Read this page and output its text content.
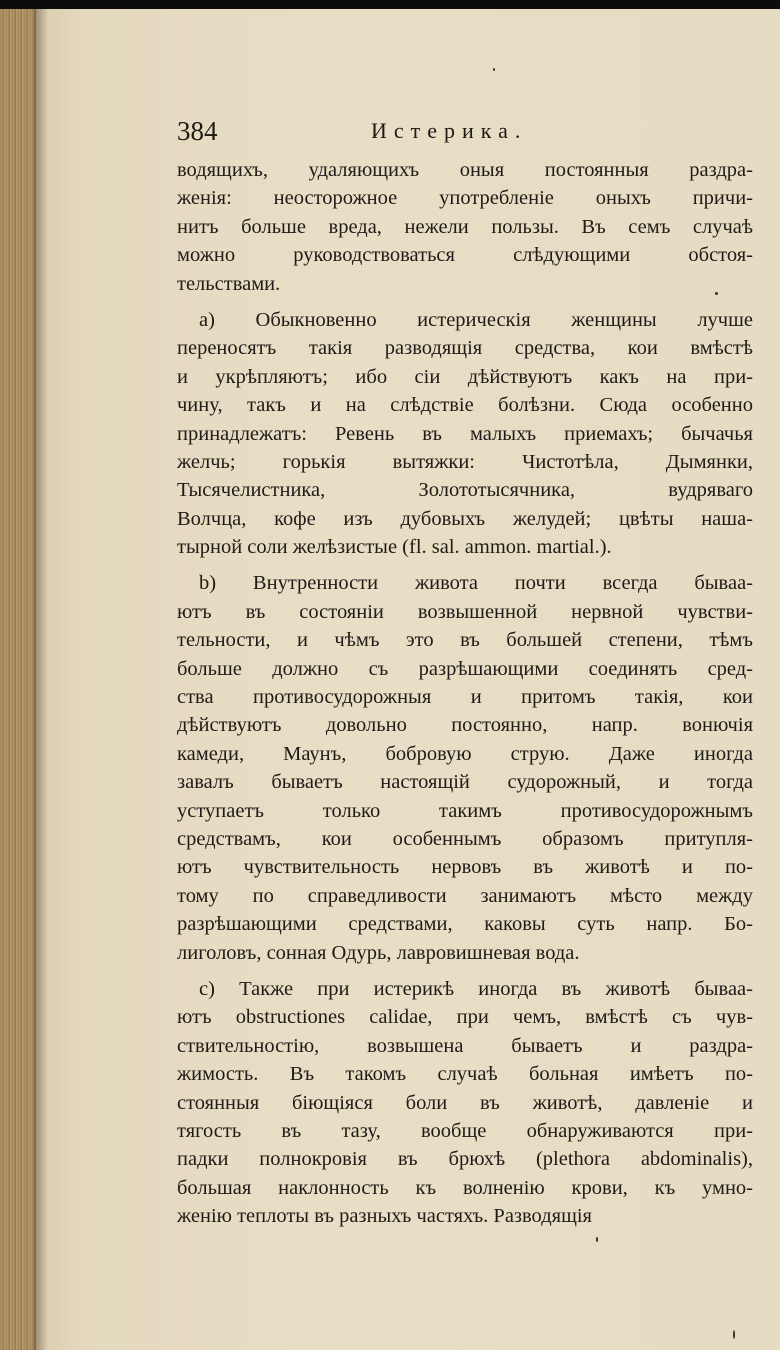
384	Истерика.
водящихъ, удаляющихъ оныя постоянныя раздра-
женія: неосторожное употребленіе оныхъ причи-
нитъ больше вреда, нежели пользы. Въ семъ случаѣ
можно руководствоваться слѣдующими обстоя-
тельствами.
а) Обыкновенно истерическія женщины лучше
переносятъ такія разводящія средства, кои вмѣстѣ
и укрѣпляютъ; ибо сіи дѣйствуютъ какъ на при-
чину, такъ и на слѣдствіе болѣзни. Сюда особенно
принадлежатъ: Ревень въ малыхъ приемахъ; бычачья
желчь; горькія вытяжки: Чистотѣла, Дымянки,
Тысячелистника, Золототысячника, вудряваго
Волчца, кофе изъ дубовыхъ желудей; цвѣты наша-
тырной соли желѣзистые (fl. sal. ammon. martial.).
b) Внутренности живота почти всегда бываа-
ютъ въ состояніи возвышенной нервной чувстви-
тельности, и чѣмъ это въ большей степени, тѣмъ
больше должно съ разрѣшающими соединять сред-
ства противосудорожныя и притомъ такія, кои
дѣйствуютъ довольно постоянно, напр. вонючія
камеди, Маунъ, бобровую струю. Даже иногда
завалъ бываетъ настоящій судорожный, и тогда
уступаетъ только такимъ противосудорожнымъ
средствамъ, кои особеннымъ образомъ притупля-
ютъ чувствительность нервовъ въ животѣ и по-
тому по справедливости занимаютъ мѣсто между
разрѣшающими средствами, каковы суть напр. Бо-
лиголовъ, сонная Одурь, лавровишневая вода.
c) Также при истерикѣ иногда въ животѣ бываа-
ютъ obstructiones calidae, при чемъ, вмѣстѣ съ чув-
ствительностію, возвышена бываетъ и раздра-
жимость. Въ такомъ случаѣ больная имѣетъ по-
стоянныя біющіяся боли въ животѣ, давленіе и
тягость въ тазу, вообще обнаруживаются при-
падки полнокровія въ брюхѣ (plethora abdominalis),
большая наклонность къ волненію крови, къ умно-
женію теплоты въ разныхъ частяхъ. Разводящія
